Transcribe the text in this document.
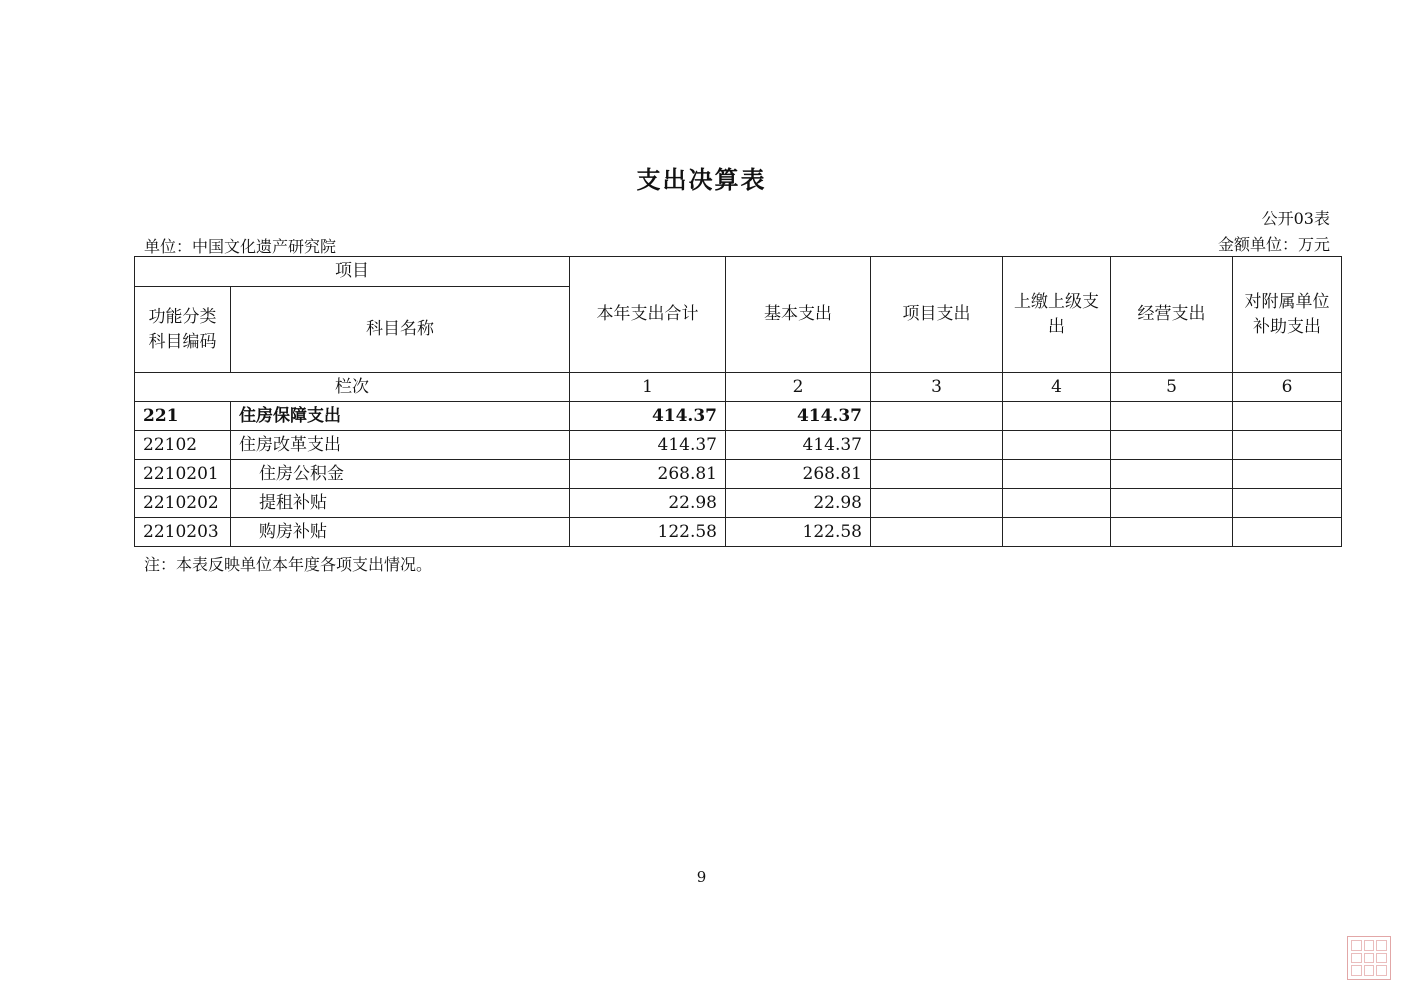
支出决算表
公开03表
单位：中国文化遗产研究院	金额单位：万元
项目		本年支出合计	基本支出	项目支出	上缴上级支出	经营支出	对附属单位补助支出
功能分类科目编码	科目名称						
栏次		1	2	3	4	5	6
221	住房保障支出	414.37	414.37				
22102	住房改革支出	414.37	414.37				
2210201	住房公积金	268.81	268.81				
2210202	提租补贴	22.98	22.98				
2210203	购房补贴	122.58	122.58				
注：本表反映单位本年度各项支出情况。
9
